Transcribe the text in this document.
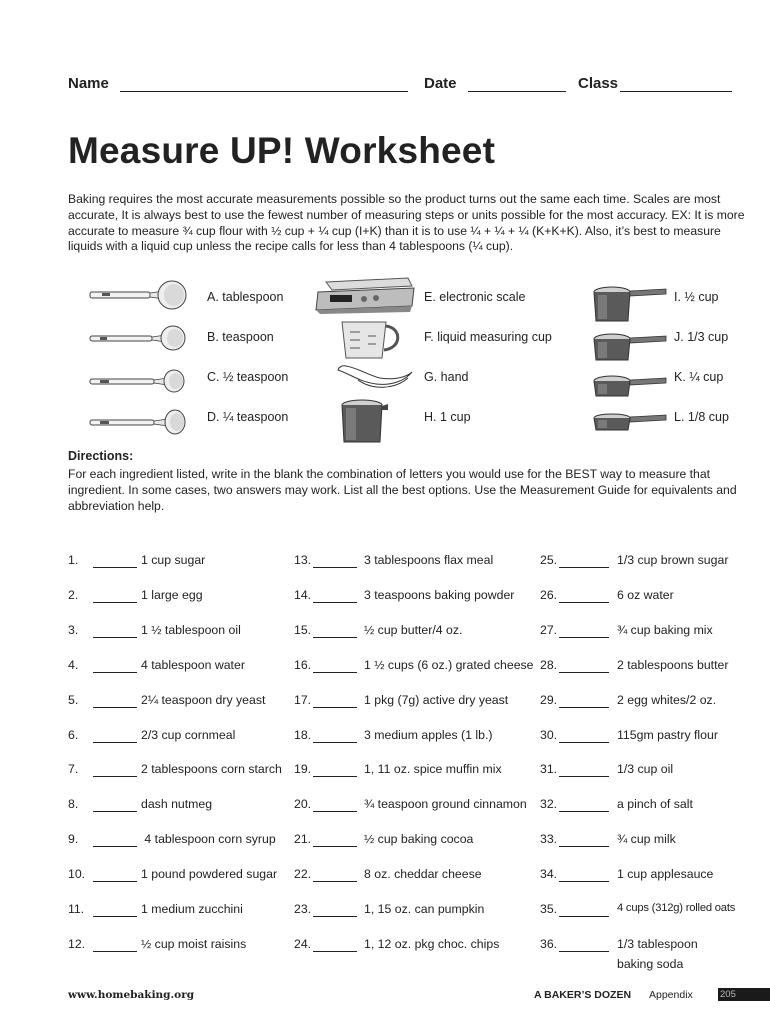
Name	Date	Class
Measure UP! Worksheet
Baking requires the most accurate measurements possible so the product turns out the same each time. Scales are most accurate, It is always best to use the fewest number of measuring steps or units possible for the most accuracy. EX: It is more accurate to measure ¾ cup flour with ½ cup + ¼ cup (I+K) than it is to use ¼ + ¼ + ¼ (K+K+K). Also, it’s best to measure liquids with a liquid cup unless the recipe calls for less than 4 tablespoons (¼ cup).
A. tablespoon
B. teaspoon
C. ½ teaspoon
D. ¼ teaspoon
E. electronic scale
F. liquid measuring cup
G. hand
H. 1 cup
I. ½ cup
J. 1/3 cup
K. ¼ cup
L. 1/8 cup
Directions:
For each ingredient listed, write in the blank the combination of letters you would use for the BEST way to measure that ingredient. In some cases, two answers may work. List all the best options. Use the Measurement Guide for equivalents and abbreviation help.
1.	1 cup sugar
2.	1 large egg
3.	1 ½ tablespoon oil
4.	4 tablespoon water
5.	2¼ teaspoon dry yeast
6.	2/3 cup cornmeal
7.	2 tablespoons corn starch
8.	dash nutmeg
9.	4 tablespoon corn syrup
10.	1 pound powdered sugar
11.	1 medium zucchini
12.	½ cup moist raisins
13.	3 tablespoons flax meal
14.	3 teaspoons baking powder
15.	½ cup butter/4 oz.
16.	1 ½ cups (6 oz.) grated cheese
17.	1 pkg (7g) active dry yeast
18.	3 medium apples (1 lb.)
19.	1, 11 oz. spice muffin mix
20.	¾ teaspoon ground cinnamon
21.	½ cup baking cocoa
22.	8 oz. cheddar cheese
23.	1, 15 oz. can pumpkin
24.	1, 12 oz. pkg choc. chips
25.	1/3 cup brown sugar
26.	6 oz water
27.	¾ cup baking mix
28.	2 tablespoons butter
29.	2 egg whites/2 oz.
30.	115gm pastry flour
31.	1/3 cup oil
32.	a pinch of salt
33.	¾ cup milk
34.	1 cup applesauce
35.	4 cups (312g) rolled oats
36.	1/3 tablespoon
baking soda
www.homebaking.org	A BAKER’S DOZEN Appendix	205
